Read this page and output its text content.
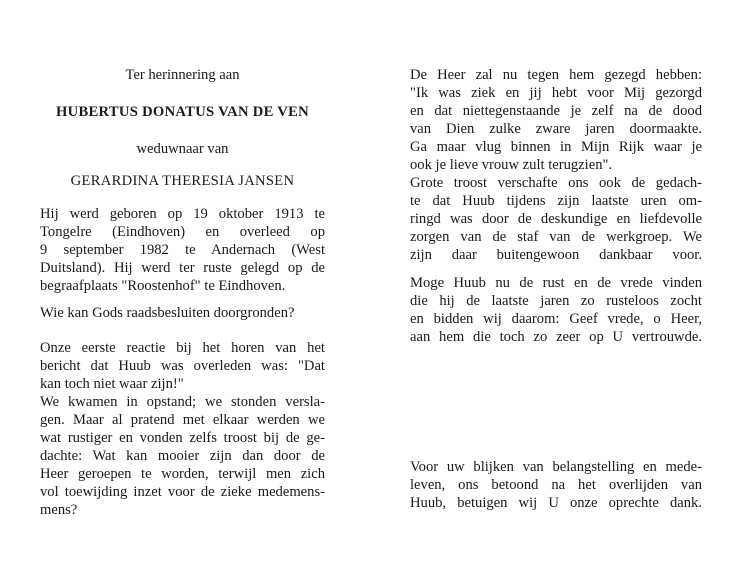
Ter herinnering aan
HUBERTUS DONATUS VAN DE VEN
weduwnaar van
GERARDINA THERESIA JANSEN
Hij werd geboren op 19 oktober 1913 te
Tongelre (Eindhoven) en overleed op
9 september 1982 te Andernach (West
Duitsland). Hij werd ter ruste gelegd op de
begraafplaats "Roostenhof" te Eindhoven.
Wie kan Gods raadsbesluiten doorgronden?
Onze eerste reactie bij het horen van het
bericht dat Huub was overleden was: "Dat
kan toch niet waar zijn!"
We kwamen in opstand; we stonden versla-
gen. Maar al pratend met elkaar werden we
wat rustiger en vonden zelfs troost bij de ge-
dachte: Wat kan mooier zijn dan door de
Heer geroepen te worden, terwijl men zich
vol toewijding inzet voor de zieke medemens-
mens?
De Heer zal nu tegen hem gezegd hebben:
"Ik was ziek en jij hebt voor Mij gezorgd
en dat niettegenstaande je zelf na de dood
van Dien zulke zware jaren doormaakte.
Ga maar vlug binnen in Mijn Rijk waar je
ook je lieve vrouw zult terugzien".
Grote troost verschafte ons ook de gedach-
te dat Huub tijdens zijn laatste uren om-
ringd was door de deskundige en liefdevolle
zorgen van de staf van de werkgroep. We
zijn daar buitengewoon dankbaar voor.
Moge Huub nu de rust en de vrede vinden
die hij de laatste jaren zo rusteloos zocht
en bidden wij daarom: Geef vrede, o Heer,
aan hem die toch zo zeer op U vertrouwde.
Voor uw blijken van belangstelling en mede-
leven, ons betoond na het overlijden van
Huub, betuigen wij U onze oprechte dank.
